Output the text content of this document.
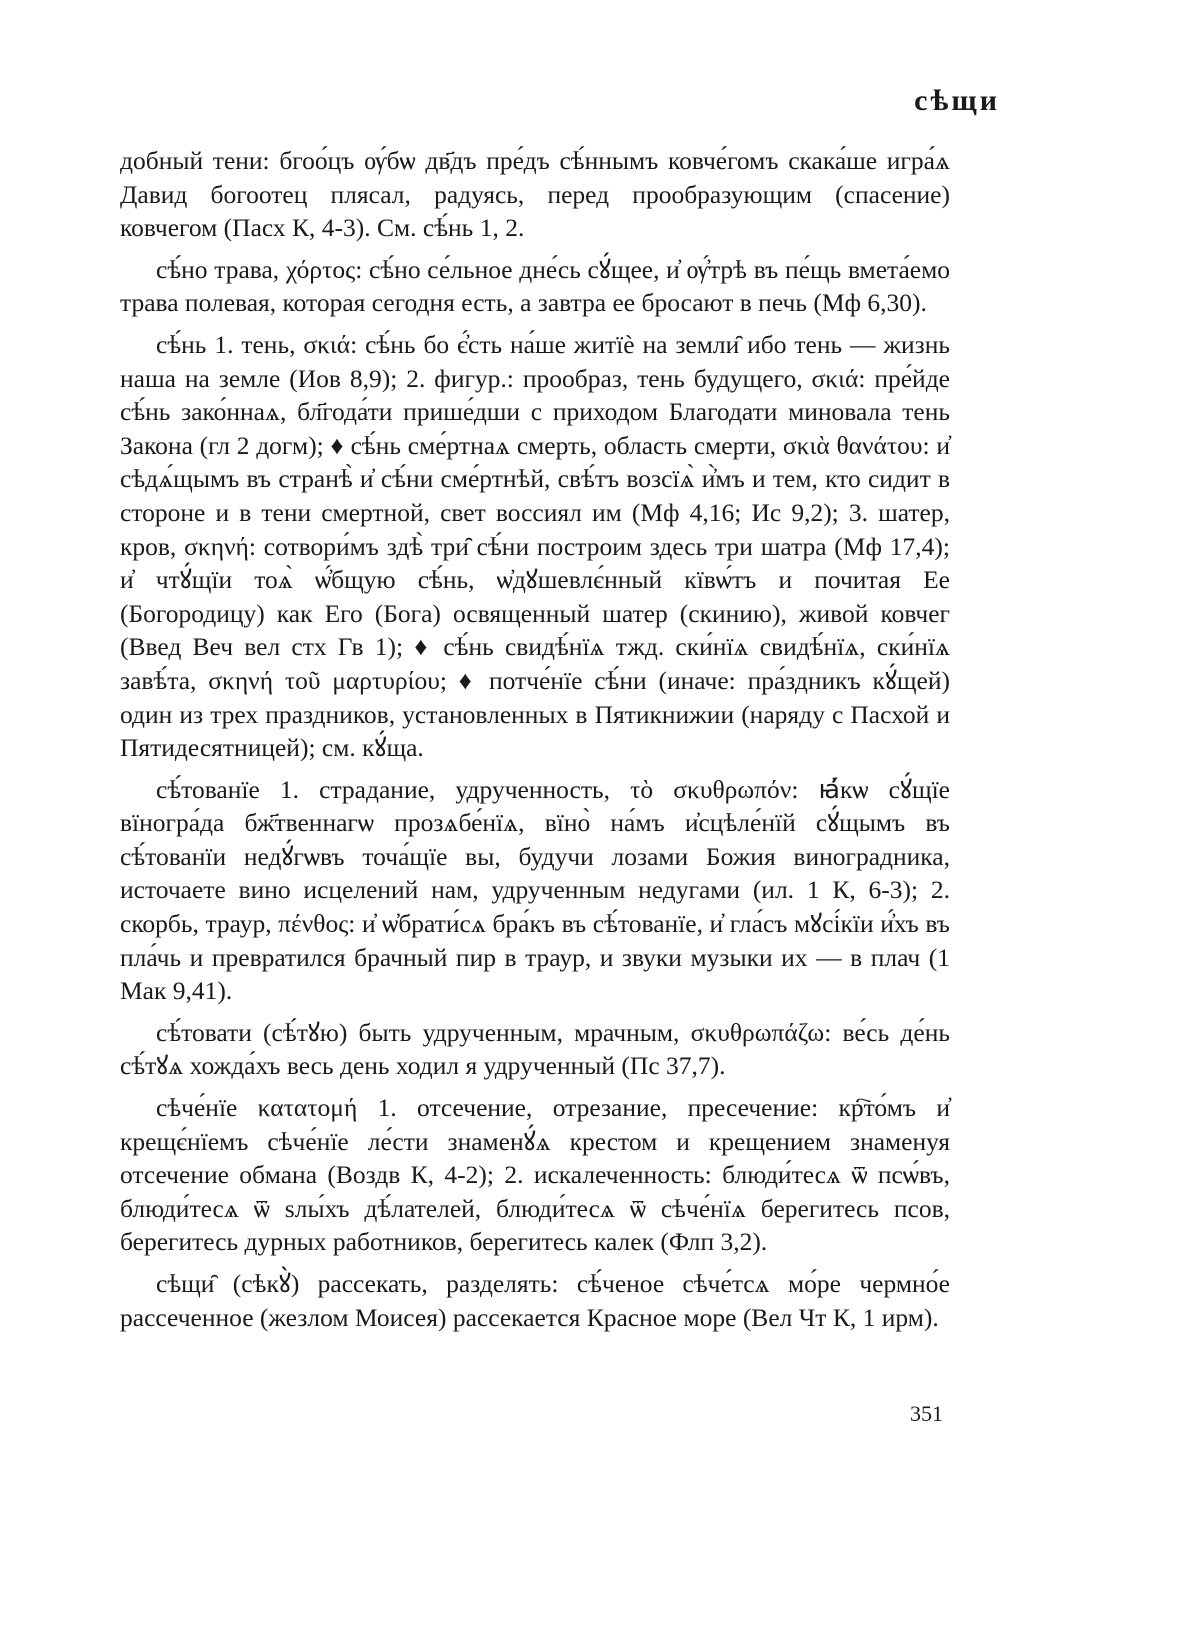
сѣщи

добный тени: бгоо́цъ ѹ́бѡ дв҃дъ пре́дъ сѣ́ннымъ ковче́гомъ скака́ше игра́ѧ Давид богоотец плясал, радуясь, перед прообразующим (спасение) ковчегом (Пасх К, 4-3). См. сѣ́нь 1, 2.

сѣ́но трава, χόρτος: сѣ́но се́льное дне́сь сꙋ́щее, и҆ ѹ҆́трѣ въ пе́щь вмета́емо трава полевая, которая сегодня есть, а завтра ее бросают в печь (Мф 6,30).

сѣ́нь 1. тень, σκιά: сѣ́нь бо є҆́сть на́ше житїѐ на земли̑ ибо тень — жизнь наша на земле (Иов 8,9); 2. фигур.: прообраз, тень будущего, σκιά: пре́йде сѣ́нь зако́ннаѧ, бл҃года́ти прише́дши с приходом Благодати миновала тень Закона (гл 2 догм); ♦ сѣ́нь сме́ртнаѧ смерть, область смерти, σκιὰ θανάτου: и҆ сѣдѧ́щымъ въ странѣ̀ и҆ сѣ́ни сме́ртнѣй, свѣ́тъ возсїѧ̀ и҆̀мъ и тем, кто сидит в стороне и в тени смертной, свет воссиял им (Мф 4,16; Ис 9,2); 3. шатер, кров, σκηνή: сотвори́мъ здѣ̀ три̑ сѣ́ни построим здесь три шатра (Мф 17,4); и҆ чтꙋ́щїи тоѧ̀ ѡ҆́бщую сѣ́нь, ѡ҆дꙋшевлє́нный кївѡ́тъ и почитая Ее (Богородицу) как Его (Бога) освященный шатер (скинию), живой ковчег (Введ Веч вел стх Гв 1); ♦ сѣ́нь свидѣ́нїѧ тжд. ски́нїѧ свидѣ́нїѧ, ски́нїѧ завѣ́та, σκηνή τοῦ μαρτυρίου; ♦ потче́нїе сѣ́ни (иначе: пра́здникъ кꙋ́щей) один из трех праздников, установленных в Пятикнижии (наряду с Пасхой и Пятидесятницей); см. кꙋ́ща.

сѣ́тованїе 1. страдание, удрученность, τὸ σκυθρωπόν: ꙗ҆́кѡ сꙋ́щїе вїногра́да бж҃твеннагѡ прозѧбе́нїѧ, вїно̀ на́мъ и҆сцѣле́нїй сꙋ́щымъ въ сѣ́тованїи недꙋ́гѡвъ точа́щїе вы, будучи лозами Божия виноградника, источаете вино исцелений нам, удрученным недугами (ил. 1 К, 6-3); 2. скорбь, траур, πένθος: и҆ ѡ҆брати́сѧ бра́къ въ сѣ́тованїе, и҆ гла́съ мꙋсі́кїи и҆́хъ въ пла́чь и превратился брачный пир в траур, и звуки музыки их — в плач (1 Мак 9,41).

сѣ́товати (сѣ́тꙋю) быть удрученным, мрачным, σκυθρωπάζω: ве́сь де́нь сѣ́тꙋѧ хожда́хъ весь день ходил я удрученный (Пс 37,7).

сѣче́нїе κατατομή 1. отсечение, отрезание, пресечение: кр҇то́мъ и҆ крещє́нїемъ сѣче́нїе ле́сти знаменꙋ́ѧ крестом и крещением знаменуя отсечение обмана (Воздв К, 4-2); 2. искалеченность: блюди́тесѧ ѿ псѡ́въ, блюди́тесѧ ѿ ѕлы́хъ дѣ́лателей, блюди́тесѧ ѿ сѣче́нїѧ берегитесь псов, берегитесь дурных работников, берегитесь калек (Флп 3,2).

сѣщи̑ (сѣкꙋ̀) рассекать, разделять: сѣ́ченое сѣче́тсѧ мо́ре чермно́е рассеченное (жезлом Моисея) рассекается Красное море (Вел Чт К, 1 ирм).

351
